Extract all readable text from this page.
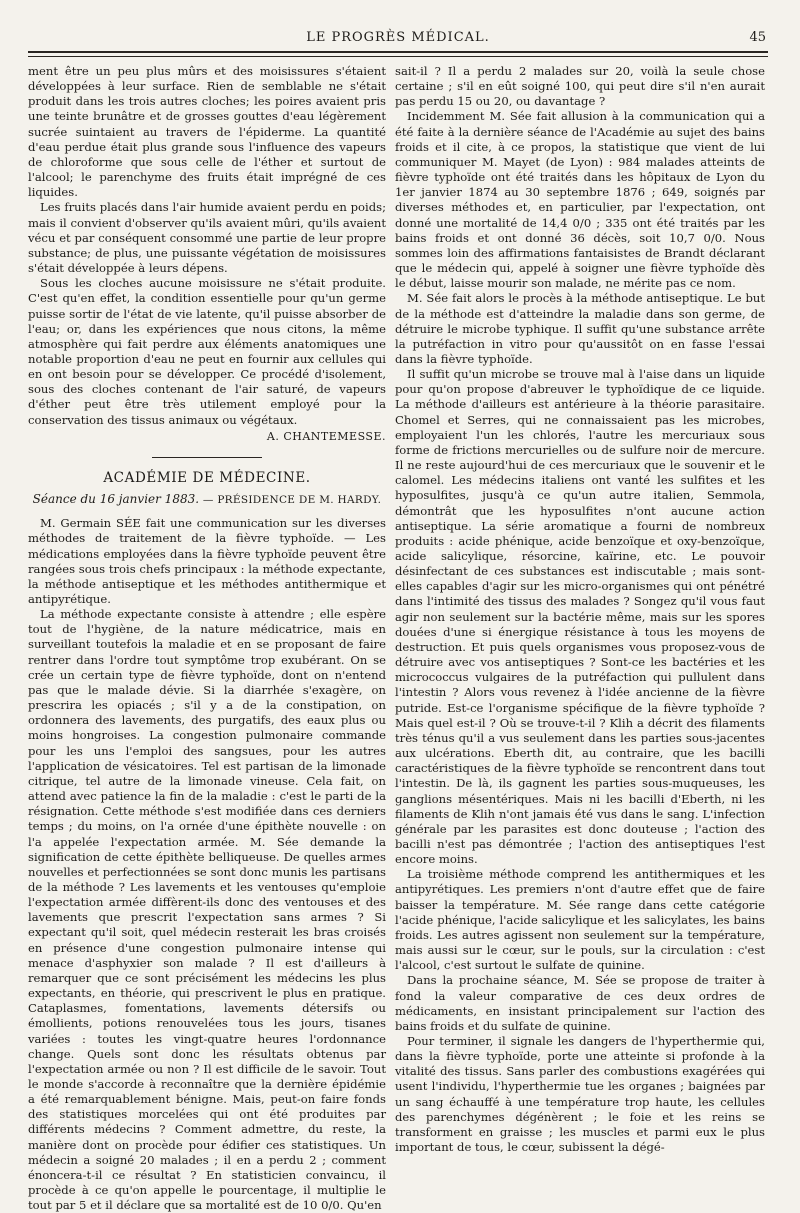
LE PROGRÈS MÉDICAL.	45

ment être un peu plus mûrs et des moisissures s'étaient développées à leur surface. Rien de semblable ne s'était produit dans les trois autres cloches; les poires avaient pris une teinte brunâtre et de grosses gouttes d'eau légèrement sucrée suintaient au travers de l'épiderme. La quantité d'eau perdue était plus grande sous l'influence des vapeurs de chloroforme que sous celle de l'éther et surtout de l'alcool; le parenchyme des fruits était imprégné de ces liquides.

Les fruits placés dans l'air humide avaient perdu en poids; mais il convient d'observer qu'ils avaient mûri, qu'ils avaient vécu et par conséquent consommé une partie de leur propre substance; de plus, une puissante végétation de moisissures s'était développée à leurs dépens.

Sous les cloches aucune moisissure ne s'était produite. C'est qu'en effet, la condition essentielle pour qu'un germe puisse sortir de l'état de vie latente, qu'il puisse absorber de l'eau; or, dans les expériences que nous citons, la même atmosphère qui fait perdre aux éléments anatomiques une notable proportion d'eau ne peut en fournir aux cellules qui en ont besoin pour se développer. Ce procédé d'isolement, sous des cloches contenant de l'air saturé, de vapeurs d'éther peut être très utilement employé pour la conservation des tissus animaux ou végétaux.

A. CHANTEMESSE.
ACADÉMIE DE MÉDECINE.
Séance du 16 janvier 1883. — PRÉSIDENCE DE M. HARDY.

M. Germain SÉE fait une communication sur les diverses méthodes de traitement de la fièvre typhoïde. — Les médications employées dans la fièvre typhoïde peuvent être rangées sous trois chefs principaux : la méthode expectante, la méthode antiseptique et les méthodes antithermique et antipyrétique.

La méthode expectante consiste à attendre ; elle espère tout de l'hygiène, de la nature médicatrice, mais en surveillant toutefois la maladie et en se proposant de faire rentrer dans l'ordre tout symptôme trop exubérant. On se crée un certain type de fièvre typhoïde, dont on n'entend pas que le malade dévie. Si la diarrhée s'exagère, on prescrira les opiacés ; s'il y a de la constipation, on ordonnera des lavements, des purgatifs, des eaux plus ou moins hongroises. La congestion pulmonaire commande pour les uns l'emploi des sangsues, pour les autres l'application de vésicatoires. Tel est partisan de la limonade citrique, tel autre de la limonade vineuse. Cela fait, on attend avec patience la fin de la maladie : c'est le parti de la résignation. Cette méthode s'est modifiée dans ces derniers temps ; du moins, on l'a ornée d'une épithète nouvelle : on l'a appelée l'expectation armée. M. Sée demande la signification de cette épithète belliqueuse. De quelles armes nouvelles et perfectionnées se sont donc munis les partisans de la méthode ? Les lavements et les ventouses qu'emploie l'expectation armée diffèrent-ils donc des ventouses et des lavements que prescrit l'expectation sans armes ? Si expectant qu'il soit, quel médecin resterait les bras croisés en présence d'une congestion pulmonaire intense qui menace d'asphyxier son malade ? Il est d'ailleurs à remarquer que ce sont précisément les médecins les plus expectants, en théorie, qui prescrivent le plus en pratique. Cataplasmes, fomentations, lavements détersifs ou émollients, potions renouvelées tous les jours, tisanes variées : toutes les vingt-quatre heures l'ordonnance change. Quels sont donc les résultats obtenus par l'expectation armée ou non ? Il est difficile de le savoir. Tout le monde s'accorde à reconnaître que la dernière épidémie a été remarquablement bénigne. Mais, peut-on faire fonds des statistiques morcelées qui ont été produites par différents médecins ? Comment admettre, du reste, la manière dont on procède pour édifier ces statistiques. Un médecin a soigné 20 malades ; il en a perdu 2 ; comment énoncera-t-il ce résultat ? En statisticien convaincu, il procède à ce qu'on appelle le pourcentage, il multiplie le tout par 5 et il déclare que sa mortalité est de 10 0/0. Qu'en

sait-il ? Il a perdu 2 malades sur 20, voilà la seule chose certaine ; s'il en eût soigné 100, qui peut dire s'il n'en aurait pas perdu 15 ou 20, ou davantage ?

Incidemment M. Sée fait allusion à la communication qui a été faite à la dernière séance de l'Académie au sujet des bains froids et il cite, à ce propos, la statistique que vient de lui communiquer M. Mayet (de Lyon) : 984 malades atteints de fièvre typhoïde ont été traités dans les hôpitaux de Lyon du 1er janvier 1874 au 30 septembre 1876 ; 649, soignés par diverses méthodes et, en particulier, par l'expectation, ont donné une mortalité de 14,4 0/0 ; 335 ont été traités par les bains froids et ont donné 36 décès, soit 10,7 0/0. Nous sommes loin des affirmations fantaisistes de Brandt déclarant que le médecin qui, appelé à soigner une fièvre typhoïde dès le début, laisse mourir son malade, ne mérite pas ce nom.

M. Sée fait alors le procès à la méthode antiseptique. Le but de la méthode est d'atteindre la maladie dans son germe, de détruire le microbe typhique. Il suffit qu'une substance arrête la putréfaction in vitro pour qu'aussitôt on en fasse l'essai dans la fièvre typhoïde.

Il suffit qu'un microbe se trouve mal à l'aise dans un liquide pour qu'on propose d'abreuver le typhoïdique de ce liquide. La méthode d'ailleurs est antérieure à la théorie parasitaire. Chomel et Serres, qui ne connaissaient pas les microbes, employaient l'un les chlorés, l'autre les mercuriaux sous forme de frictions mercurielles ou de sulfure noir de mercure. Il ne reste aujourd'hui de ces mercuriaux que le souvenir et le calomel. Les médecins italiens ont vanté les sulfites et les hyposulfites, jusqu'à ce qu'un autre italien, Semmola, démontrât que les hyposulfites n'ont aucune action antiseptique. La série aromatique a fourni de nombreux produits : acide phénique, acide benzoïque et oxy-benzoïque, acide salicylique, résorcine, kaïrine, etc. Le pouvoir désinfectant de ces substances est indiscutable ; mais sont-elles capables d'agir sur les micro-organismes qui ont pénétré dans l'intimité des tissus des malades ? Songez qu'il vous faut agir non seulement sur la bactérie même, mais sur les spores douées d'une si énergique résistance à tous les moyens de destruction. Et puis quels organismes vous proposez-vous de détruire avec vos antiseptiques ? Sont-ce les bactéries et les micrococcus vulgaires de la putréfaction qui pullulent dans l'intestin ? Alors vous revenez à l'idée ancienne de la fièvre putride. Est-ce l'organisme spécifique de la fièvre typhoïde ? Mais quel est-il ? Où se trouve-t-il ? Klih a décrit des filaments très ténus qu'il a vus seulement dans les parties sous-jacentes aux ulcérations. Eberth dit, au contraire, que les bacilli caractéristiques de la fièvre typhoïde se rencontrent dans tout l'intestin. De là, ils gagnent les parties sous-muqueuses, les ganglions mésentériques. Mais ni les bacilli d'Eberth, ni les filaments de Klih n'ont jamais été vus dans le sang. L'infection générale par les parasites est donc douteuse ; l'action des bacilli n'est pas démontrée ; l'action des antiseptiques l'est encore moins.

La troisième méthode comprend les antithermiques et les antipyrétiques. Les premiers n'ont d'autre effet que de faire baisser la température. M. Sée range dans cette catégorie l'acide phénique, l'acide salicylique et les salicylates, les bains froids. Les autres agissent non seulement sur la température, mais aussi sur le cœur, sur le pouls, sur la circulation : c'est l'alcool, c'est surtout le sulfate de quinine.

Dans la prochaine séance, M. Sée se propose de traiter à fond la valeur comparative de ces deux ordres de médicaments, en insistant principalement sur l'action des bains froids et du sulfate de quinine.

Pour terminer, il signale les dangers de l'hyperthermie qui, dans la fièvre typhoïde, porte une atteinte si profonde à la vitalité des tissus. Sans parler des combustions exagérées qui usent l'individu, l'hyperthermie tue les organes ; baignées par un sang échauffé à une température trop haute, les cellules des parenchymes dégénèrent ; le foie et les reins se transforment en graisse ; les muscles et parmi eux le plus important de tous, le cœur, subissent la dégé-
